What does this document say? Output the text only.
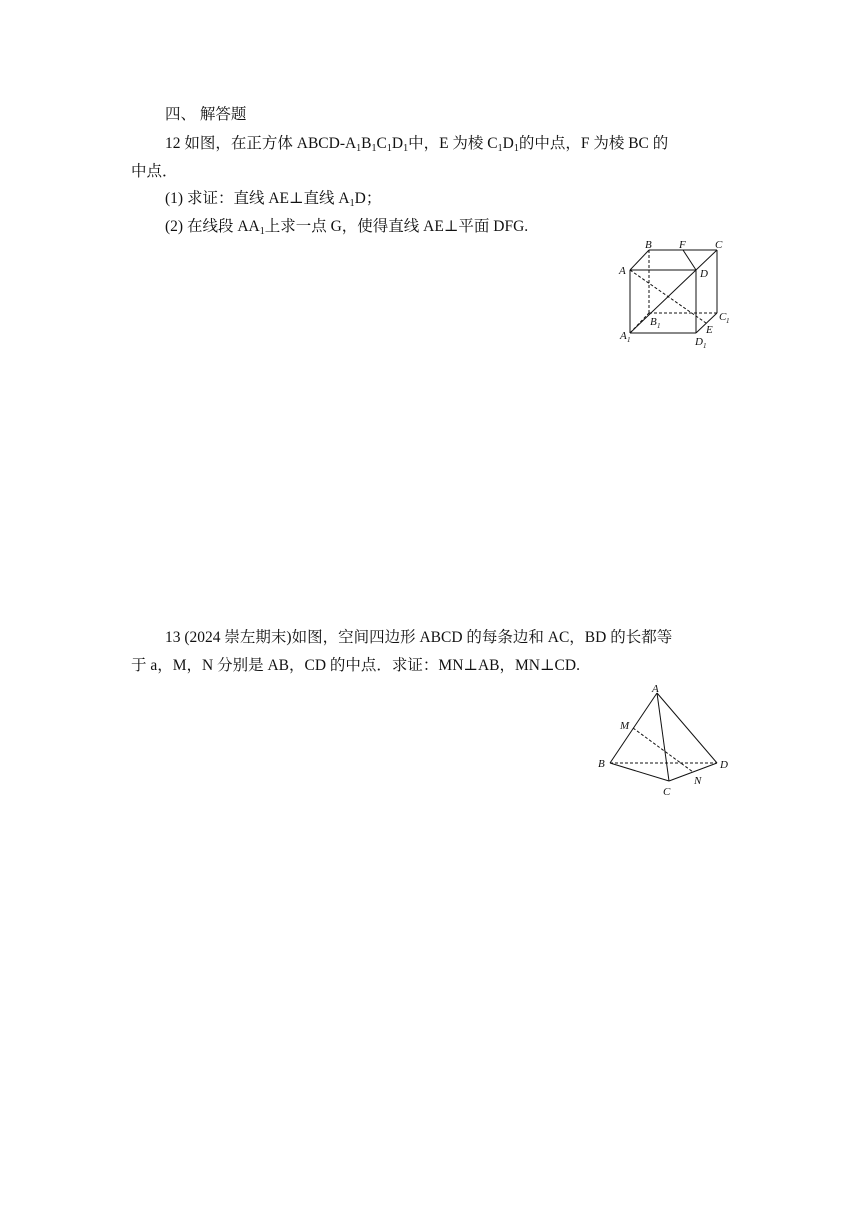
四、 解答题
12 如图，在正方体 ABCD-$A_1B_1C_1D_1$中，E 为棱 $C_1D_1$的中点，F 为棱 BC 的
中点．
(1) 求证：直线 AE⊥直线 $A_1D$；
(2) 在线段 $AA_1$上求一点 G，使得直线 AE⊥平面 DFG.
B F	C
A	D
B 1
C 1
E
A 1	D 1
13 (2024 崇左期末)如图，空间四边形 ABCD 的每条边和 AC，BD 的长都等
于 a，M，N 分别是 AB，CD 的中点．求证：MN⊥AB，MN⊥CD.
A
M
B
C
N
D
